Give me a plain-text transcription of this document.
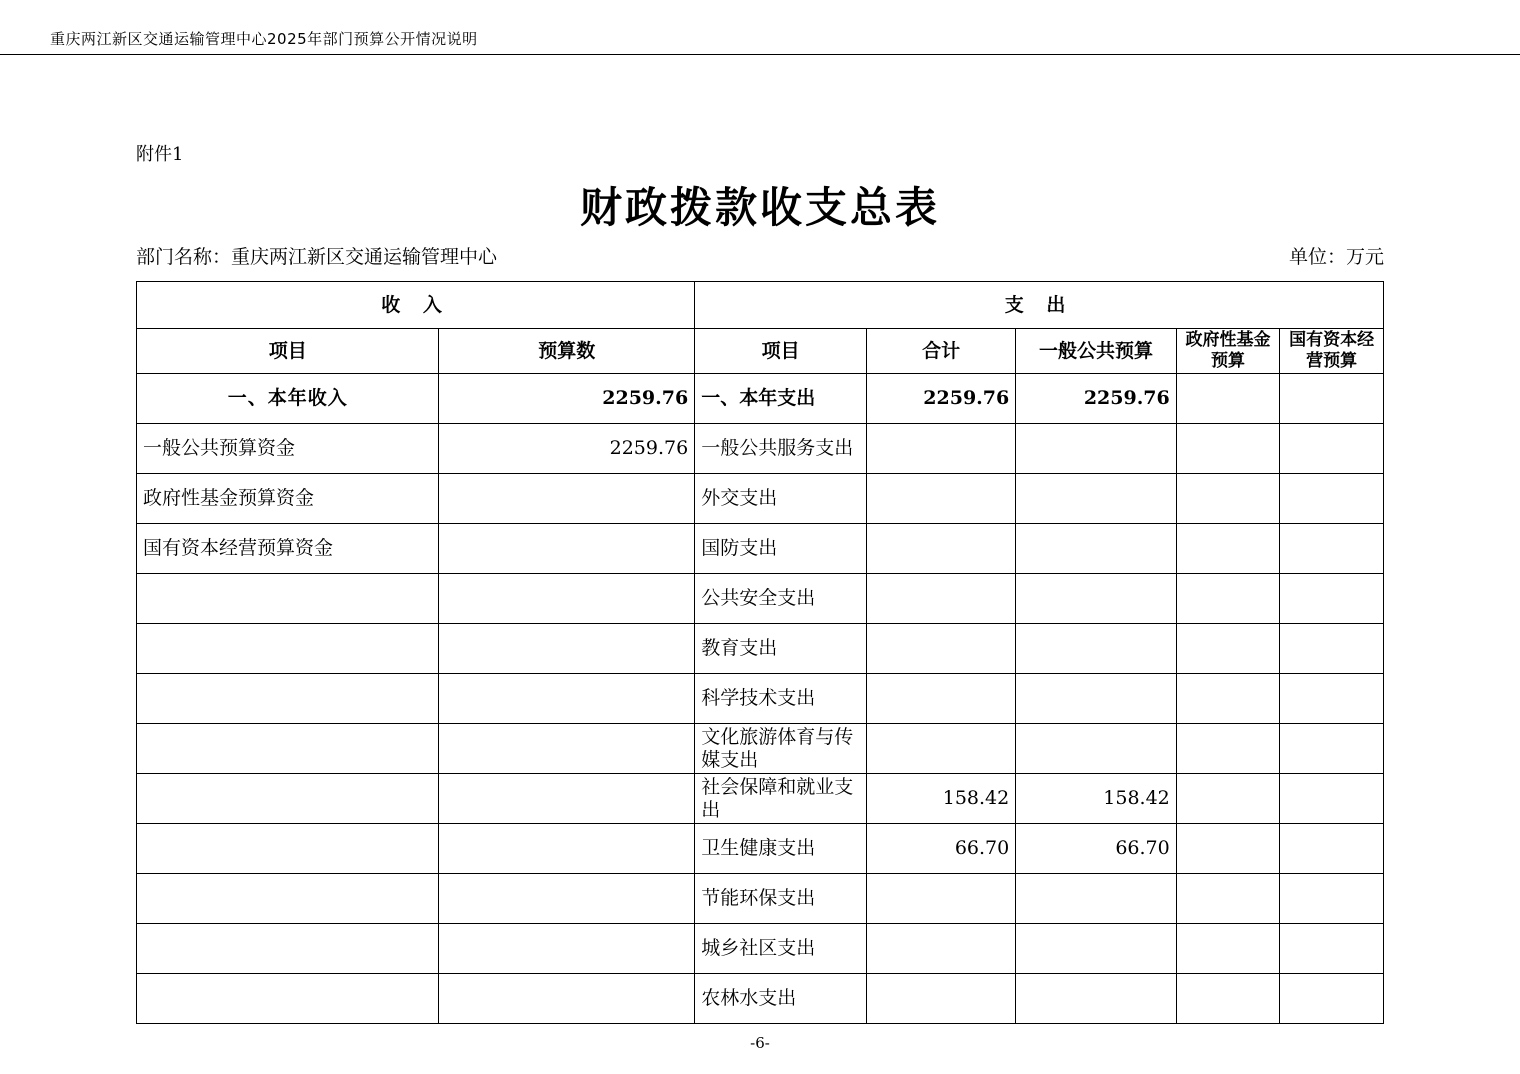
重庆两江新区交通运输管理中心2025年部门预算公开情况说明
附件1
财政拨款收支总表
部门名称：重庆两江新区交通运输管理中心	单位：万元
收 入		支 出				
项目	预算数	项目	合计	一般公共预算	政府性基金预算	国有资本经营预算
一、本年收入	2259.76	一、本年支出	2259.76	2259.76		
一般公共预算资金	2259.76	一般公共服务支出				
政府性基金预算资金		外交支出				
国有资本经营预算资金		国防支出				
		公共安全支出				
		教育支出				
		科学技术支出				
		文化旅游体育与传媒支出				
		社会保障和就业支出	158.42	158.42		
		卫生健康支出	66.70	66.70		
		节能环保支出				
		城乡社区支出				
		农林水支出				
-6-
